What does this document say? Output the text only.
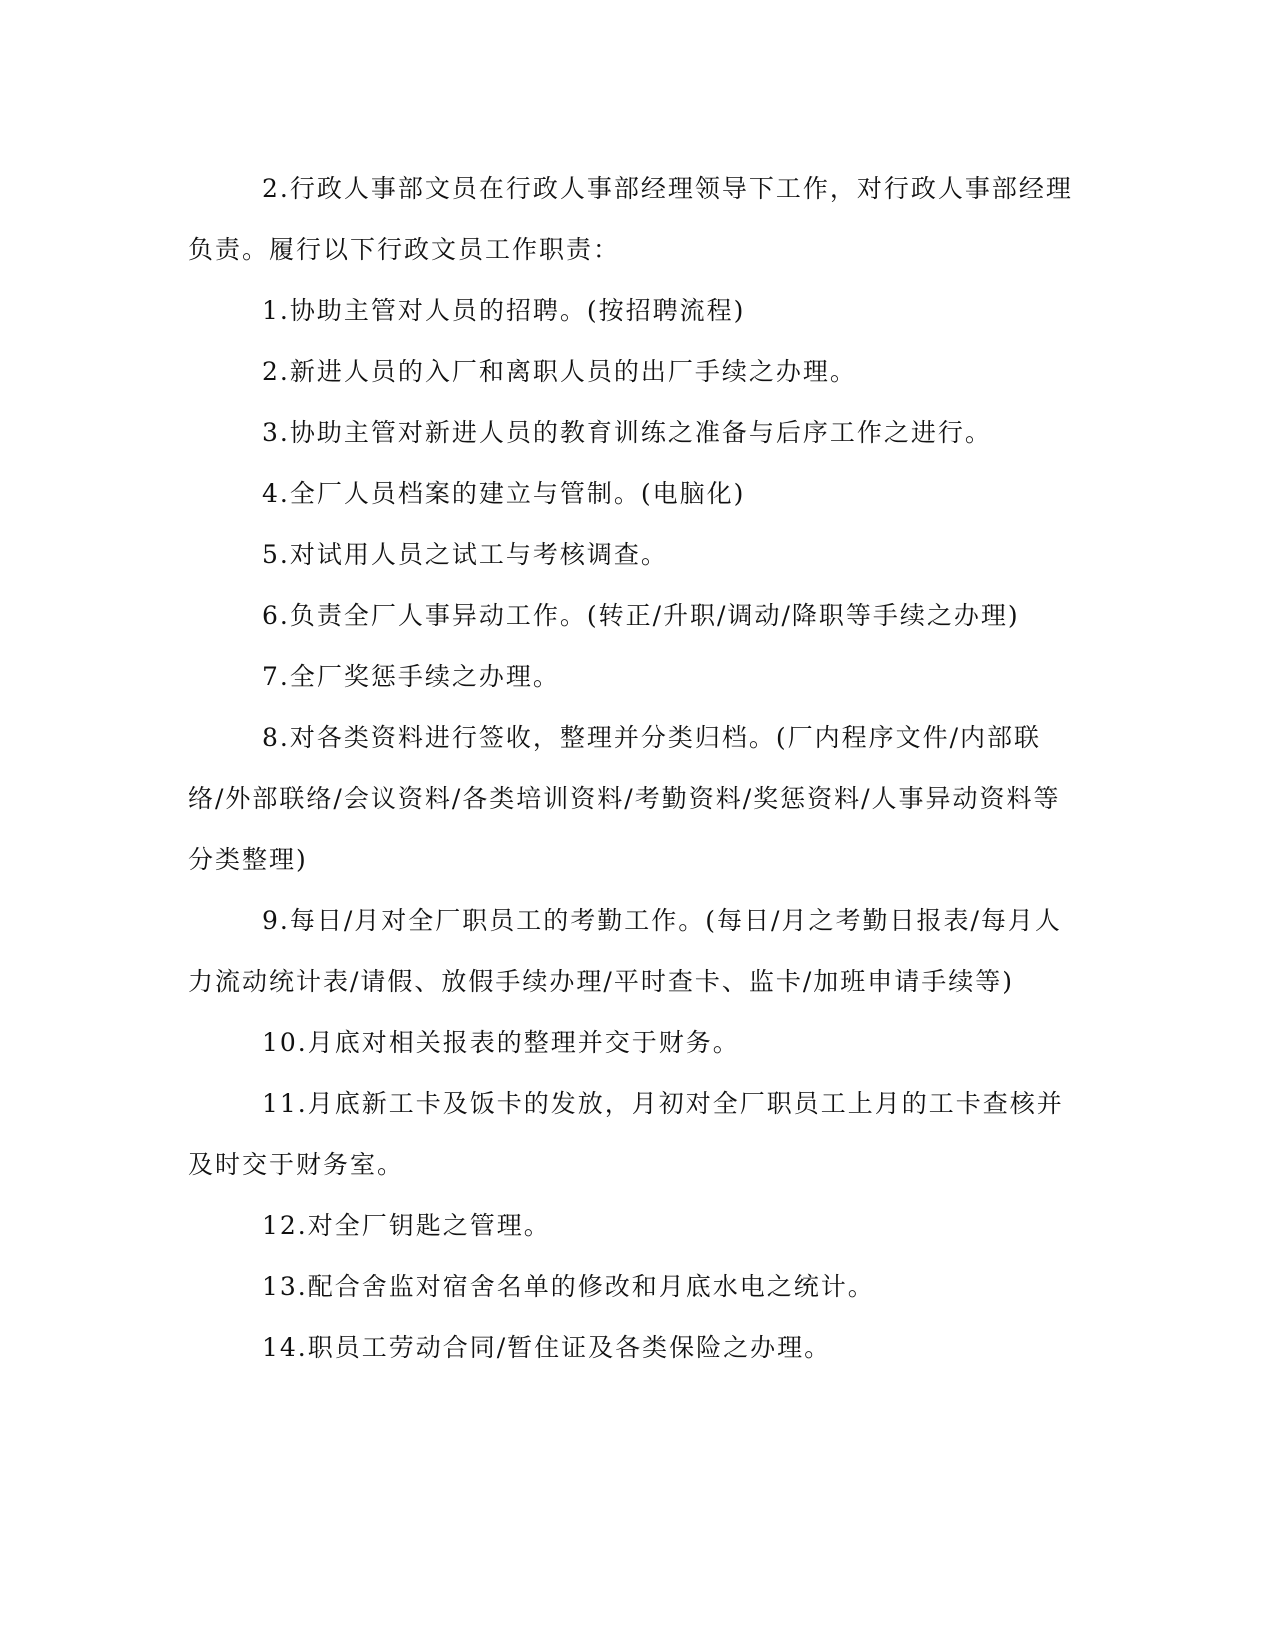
2.行政人事部文员在行政人事部经理领导下工作，对行政人事部经理负责。履行以下行政文员工作职责：

1.协助主管对人员的招聘。(按招聘流程)

2.新进人员的入厂和离职人员的出厂手续之办理。

3.协助主管对新进人员的教育训练之准备与后序工作之进行。

4.全厂人员档案的建立与管制。(电脑化)

5.对试用人员之试工与考核调查。

6.负责全厂人事异动工作。(转正/升职/调动/降职等手续之办理)

7.全厂奖惩手续之办理。

8.对各类资料进行签收，整理并分类归档。(厂内程序文件/内部联络/外部联络/会议资料/各类培训资料/考勤资料/奖惩资料/人事异动资料等分类整理)

9.每日/月对全厂职员工的考勤工作。(每日/月之考勤日报表/每月人力流动统计表/请假、放假手续办理/平时查卡、监卡/加班申请手续等)

10.月底对相关报表的整理并交于财务。

11.月底新工卡及饭卡的发放，月初对全厂职员工上月的工卡查核并及时交于财务室。

12.对全厂钥匙之管理。

13.配合舍监对宿舍名单的修改和月底水电之统计。

14.职员工劳动合同/暂住证及各类保险之办理。
